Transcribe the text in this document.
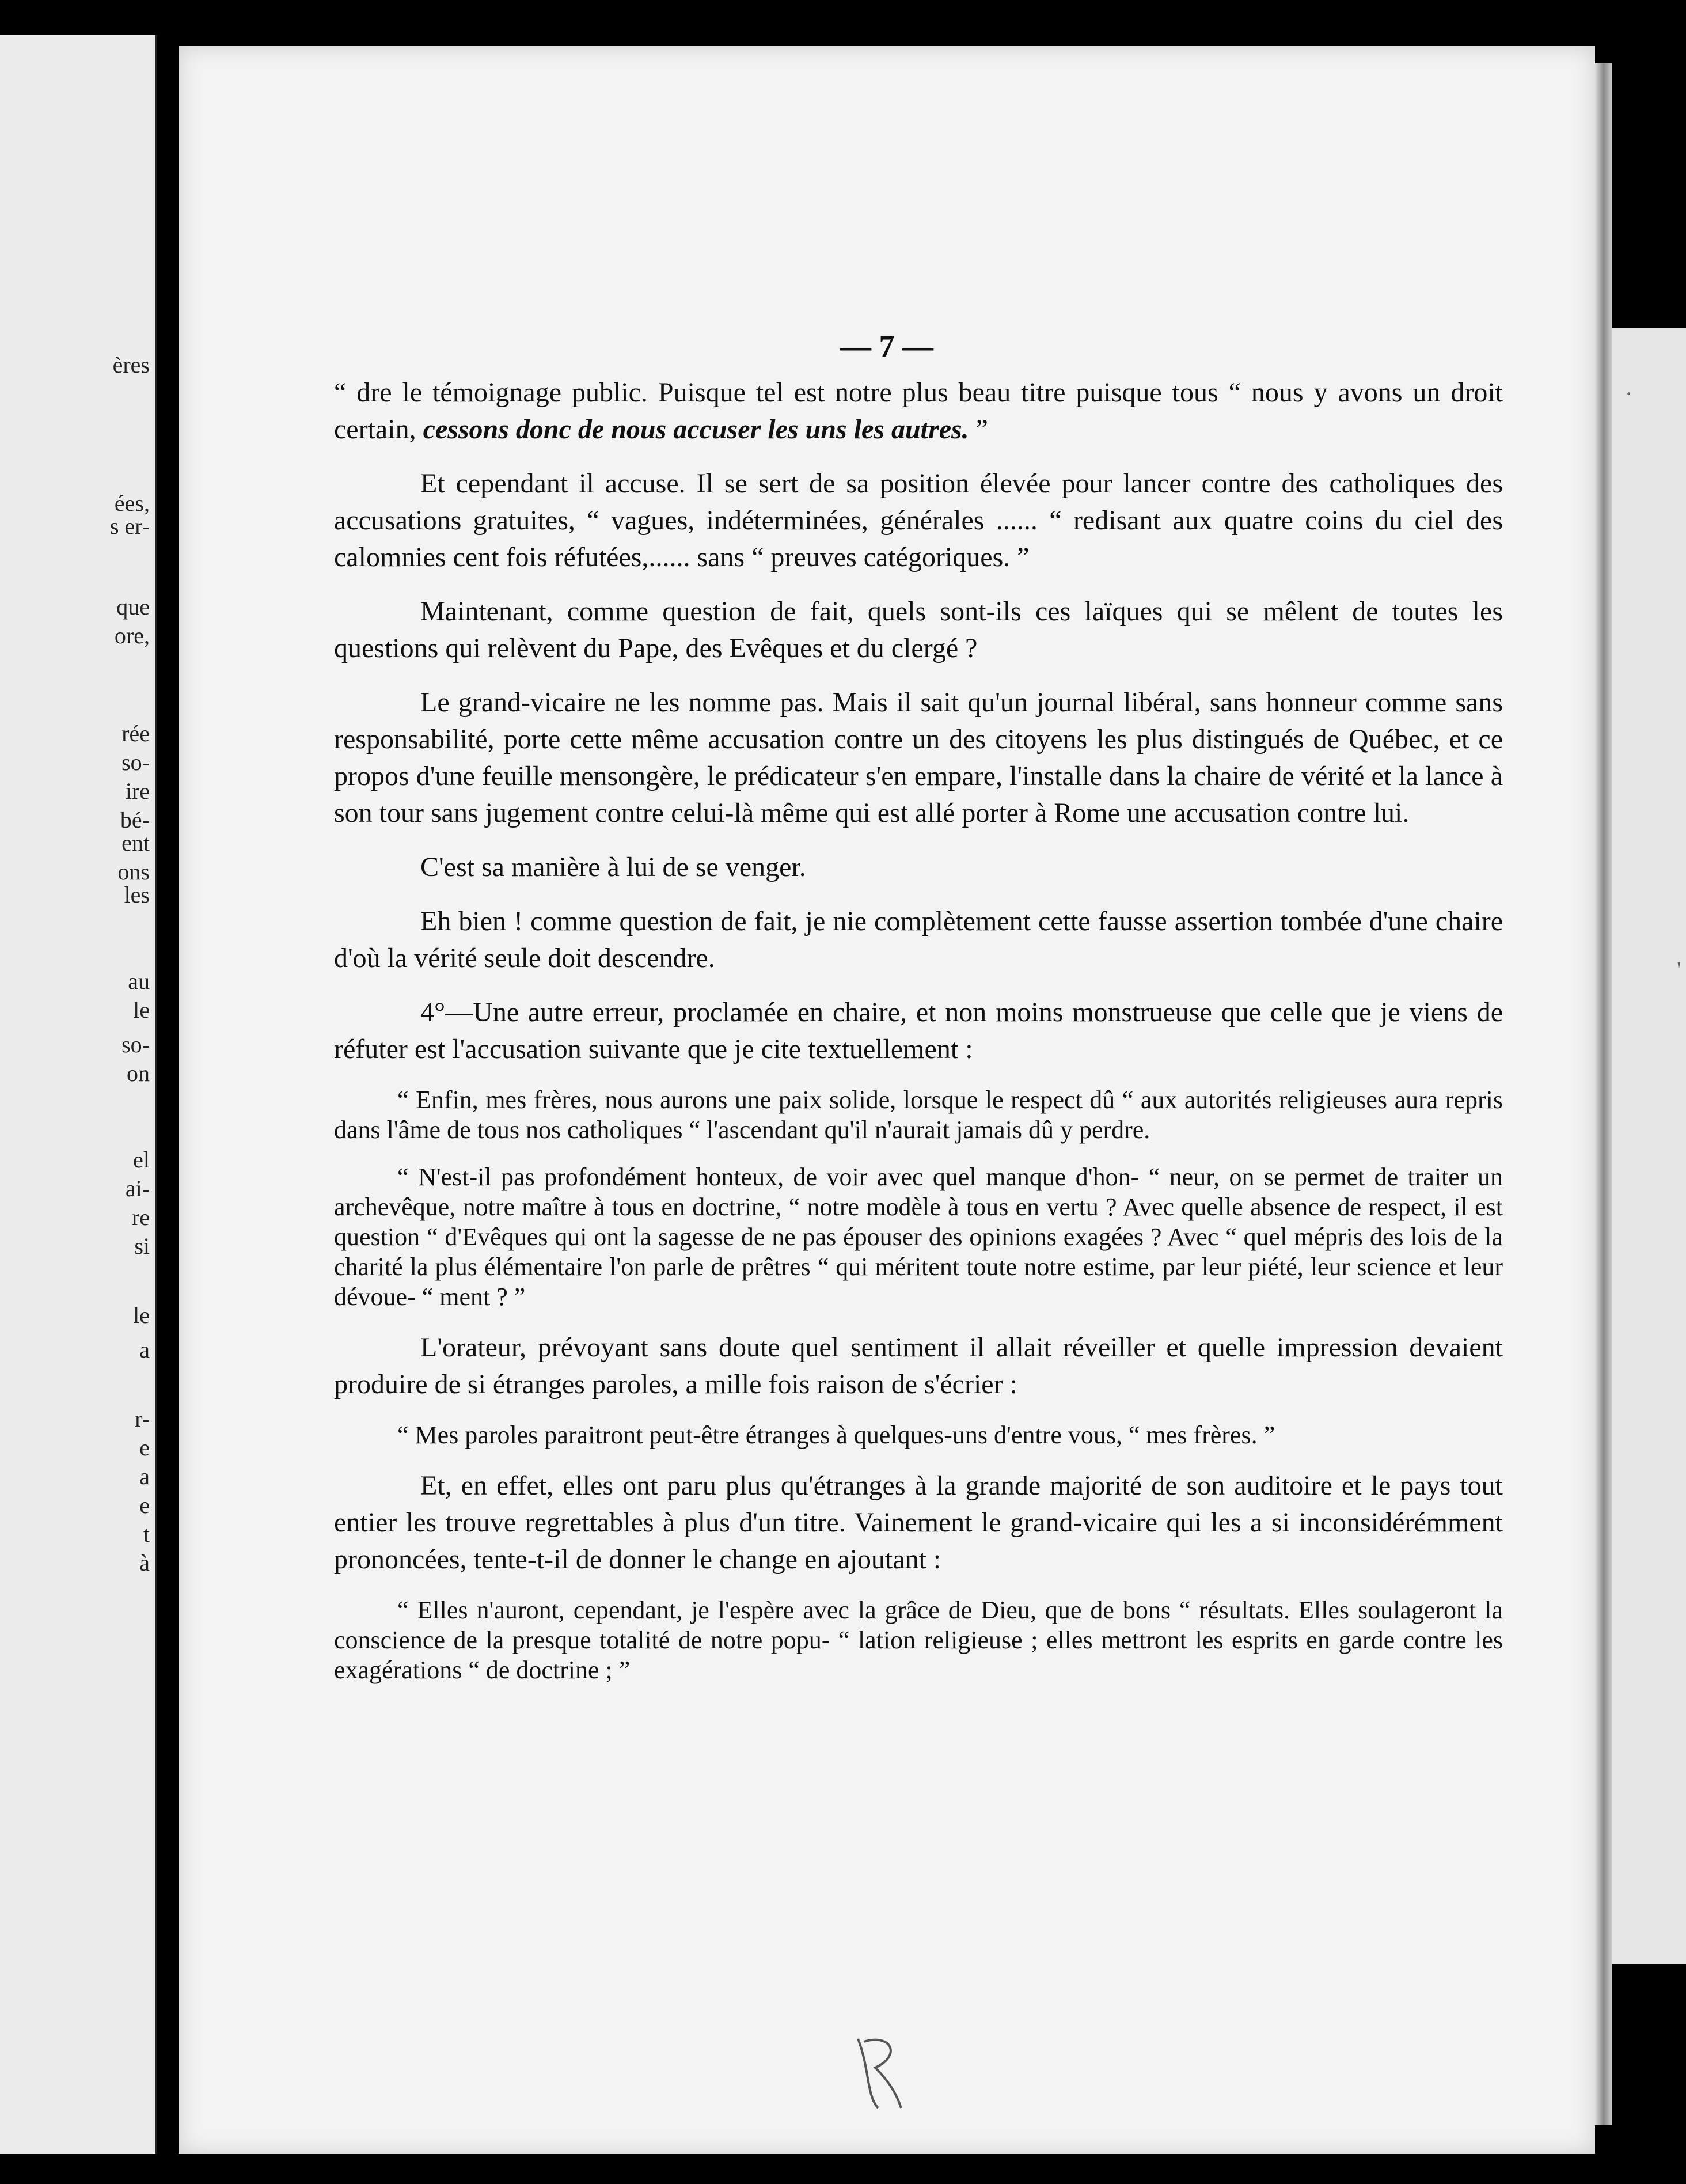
ères
ées,
s er-
que
ore,
rée
so-
ire
bé-
ent
ons
les
au
le
so-
on
el
ai-
re
si
le
a
r-
e
a
e
t
à
·
'
— 7 —

“ dre le témoignage public. Puisque tel est notre plus beau titre puisque tous “ nous y avons un droit certain, cessons donc de nous accuser les uns les autres. ”

Et cependant il accuse. Il se sert de sa position élevée pour lancer contre des catholiques des accusations gratuites, “ vagues, indéterminées, générales ...... “ redisant aux quatre coins du ciel des calomnies cent fois réfutées,...... sans “ preuves catégoriques. ”

Maintenant, comme question de fait, quels sont-ils ces laïques qui se mêlent de toutes les questions qui relèvent du Pape, des Evêques et du clergé ?

Le grand-vicaire ne les nomme pas. Mais il sait qu'un journal libéral, sans honneur comme sans responsabilité, porte cette même accusation contre un des citoyens les plus distingués de Québec, et ce propos d'une feuille mensongère, le prédicateur s'en empare, l'installe dans la chaire de vérité et la lance à son tour sans jugement contre celui-là même qui est allé porter à Rome une accusation contre lui.

C'est sa manière à lui de se venger.

Eh bien ! comme question de fait, je nie complètement cette fausse assertion tombée d'une chaire d'où la vérité seule doit descendre.

4°—Une autre erreur, proclamée en chaire, et non moins monstrueuse que celle que je viens de réfuter est l'accusation suivante que je cite textuellement :

“ Enfin, mes frères, nous aurons une paix solide, lorsque le respect dû “ aux autorités religieuses aura repris dans l'âme de tous nos catholiques “ l'ascendant qu'il n'aurait jamais dû y perdre.

“ N'est-il pas profondément honteux, de voir avec quel manque d'hon- “ neur, on se permet de traiter un archevêque, notre maître à tous en doctrine, “ notre modèle à tous en vertu ? Avec quelle absence de respect, il est question “ d'Evêques qui ont la sagesse de ne pas épouser des opinions exagées ? Avec “ quel mépris des lois de la charité la plus élémentaire l'on parle de prêtres “ qui méritent toute notre estime, par leur piété, leur science et leur dévoue- “ ment ? ”

L'orateur, prévoyant sans doute quel sentiment il allait réveiller et quelle impression devaient produire de si étranges paroles, a mille fois raison de s'écrier :

“ Mes paroles paraitront peut-être étranges à quelques-uns d'entre vous, “ mes frères. ”

Et, en effet, elles ont paru plus qu'étranges à la grande majorité de son auditoire et le pays tout entier les trouve regrettables à plus d'un titre. Vainement le grand-vicaire qui les a si inconsidérémment prononcées, tente-t-il de donner le change en ajoutant :

“ Elles n'auront, cependant, je l'espère avec la grâce de Dieu, que de bons “ résultats. Elles soulageront la conscience de la presque totalité de notre popu- “ lation religieuse ; elles mettront les esprits en garde contre les exagérations “ de doctrine ; ”
